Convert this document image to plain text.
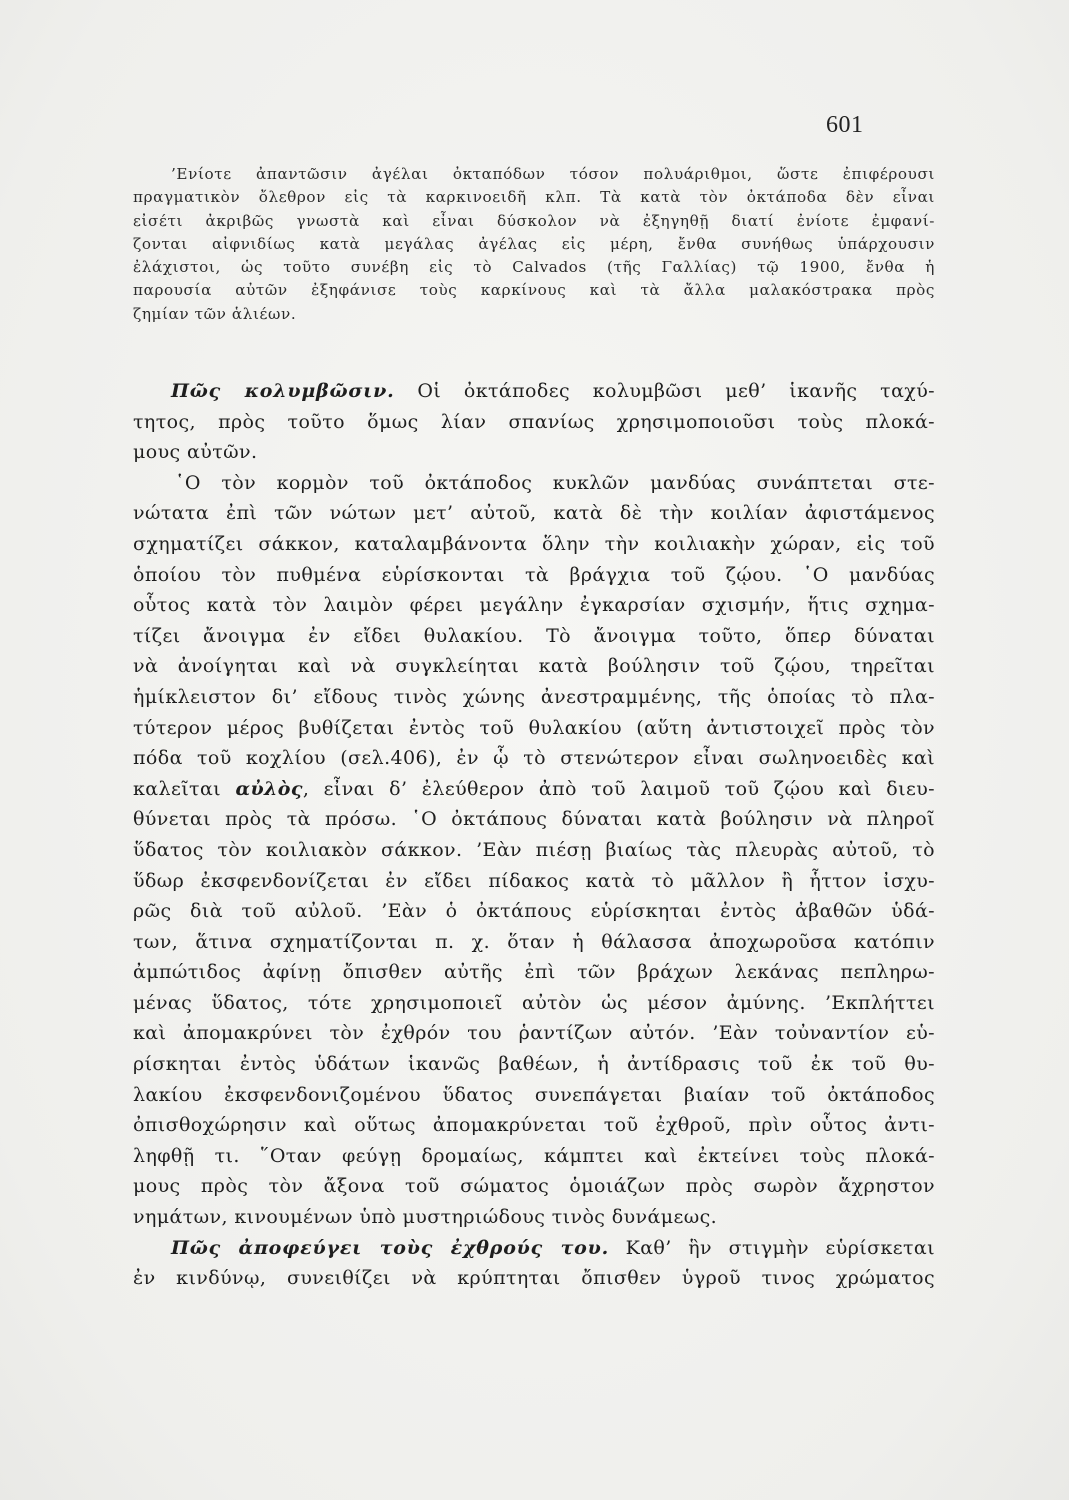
601
’Ενίοτε ἀπαντῶσιν ἀγέλαι ὀκταπόδων τόσον πολυάριθμοι, ὥστε ἐπιφέρουσι
πραγματικὸν ὄλεθρον εἰς τὰ καρκινοειδῆ κλπ. Τὰ κατὰ τὸν ὀκτάποδα δὲν εἶναι
εἰσέτι ἀκριβῶς γνωστὰ καὶ εἶναι δύσκολον νὰ ἐξηγηθῇ διατί ἐνίοτε ἐμφανί-
ζονται αἰφνιδίως κατὰ μεγάλας ἀγέλας εἰς μέρη, ἔνθα συνήθως ὑπάρχουσιν
ἐλάχιστοι, ὡς τοῦτο συνέβη εἰς τὸ Calvados (τῆς Γαλλίας) τῷ 1900, ἔνθα ἡ
παρουσία αὐτῶν ἐξηφάνισε τοὺς καρκίνους καὶ τὰ ἄλλα μαλακόστρακα πρὸς
ζημίαν τῶν ἁλιέων.
Πῶς κολυμβῶσιν. Οἱ ὀκτάποδες κολυμβῶσι μεθ’ ἱκανῆς ταχύ-
τητος, πρὸς τοῦτο ὅμως λίαν σπανίως χρησιμοποιοῦσι τοὺς πλοκά-
μους αὐτῶν.
῾Ο τὸν κορμὸν τοῦ ὀκτάποδος κυκλῶν μανδύας συνάπτεται στε-
νώτατα ἐπὶ τῶν νώτων μετ’ αὐτοῦ, κατὰ δὲ τὴν κοιλίαν ἀφιστάμενος
σχηματίζει σάκκον, καταλαμβάνοντα ὅλην τὴν κοιλιακὴν χώραν, εἰς τοῦ
ὁποίου τὸν πυθμένα εὑρίσκονται τὰ βράγχια τοῦ ζῴου. ῾Ο μανδύας
οὗτος κατὰ τὸν λαιμὸν φέρει μεγάλην ἐγκαρσίαν σχισμήν, ἥτις σχημα-
τίζει ἄνοιγμα ἐν εἴδει θυλακίου. Τὸ ἄνοιγμα τοῦτο, ὅπερ δύναται
νὰ ἀνοίγηται καὶ νὰ συγκλείηται κατὰ βούλησιν τοῦ ζῴου, τηρεῖται
ἡμίκλειστον δι’ εἴδους τινὸς χώνης ἀνεστραμμένης, τῆς ὁποίας τὸ πλα-
τύτερον μέρος βυθίζεται ἐντὸς τοῦ θυλακίου (αὕτη ἀντιστοιχεῖ πρὸς τὸν
πόδα τοῦ κοχλίου (σελ.406), ἐν ᾧ τὸ στενώτερον εἶναι σωληνοειδὲς καὶ
καλεῖται αὐλὸς, εἶναι δ’ ἐλεύθερον ἀπὸ τοῦ λαιμοῦ τοῦ ζῴου καὶ διευ-
θύνεται πρὸς τὰ πρόσω. ῾Ο ὀκτάπους δύναται κατὰ βούλησιν νὰ πληροῖ
ὕδατος τὸν κοιλιακὸν σάκκον. ’Εὰν πιέσῃ βιαίως τὰς πλευρὰς αὐτοῦ, τὸ
ὕδωρ ἐκσφενδονίζεται ἐν εἴδει πίδακος κατὰ τὸ μᾶλλον ἢ ἧττον ἰσχυ-
ρῶς διὰ τοῦ αὐλοῦ. ’Εὰν ὁ ὀκτάπους εὑρίσκηται ἐντὸς ἀβαθῶν ὑδά-
των, ἅτινα σχηματίζονται π. χ. ὅταν ἡ θάλασσα ἀποχωροῦσα κατόπιν
ἀμπώτιδος ἀφίνῃ ὄπισθεν αὐτῆς ἐπὶ τῶν βράχων λεκάνας πεπληρω-
μένας ὕδατος, τότε χρησιμοποιεῖ αὐτὸν ὡς μέσον ἀμύνης. ’Εκπλήττει
καὶ ἀπομακρύνει τὸν ἐχθρόν του ῥαντίζων αὐτόν. ’Εὰν τοὐναντίον εὑ-
ρίσκηται ἐντὸς ὑδάτων ἱκανῶς βαθέων, ἡ ἀντίδρασις τοῦ ἐκ τοῦ θυ-
λακίου ἐκσφενδονιζομένου ὕδατος συνεπάγεται βιαίαν τοῦ ὀκτάποδος
ὀπισθοχώρησιν καὶ οὕτως ἀπομακρύνεται τοῦ ἐχθροῦ, πρὶν οὗτος ἀντι-
ληφθῇ τι. ῞Οταν φεύγῃ δρομαίως, κάμπτει καὶ ἐκτείνει τοὺς πλοκά-
μους πρὸς τὸν ἄξονα τοῦ σώματος ὁμοιάζων πρὸς σωρὸν ἄχρηστον
νημάτων, κινουμένων ὑπὸ μυστηριώδους τινὸς δυνάμεως.
Πῶς ἀποφεύγει τοὺς ἐχθρούς του. Καθ’ ἣν στιγμὴν εὑρίσκεται
ἐν κινδύνῳ, συνειθίζει νὰ κρύπτηται ὄπισθεν ὑγροῦ τινος χρώματος
